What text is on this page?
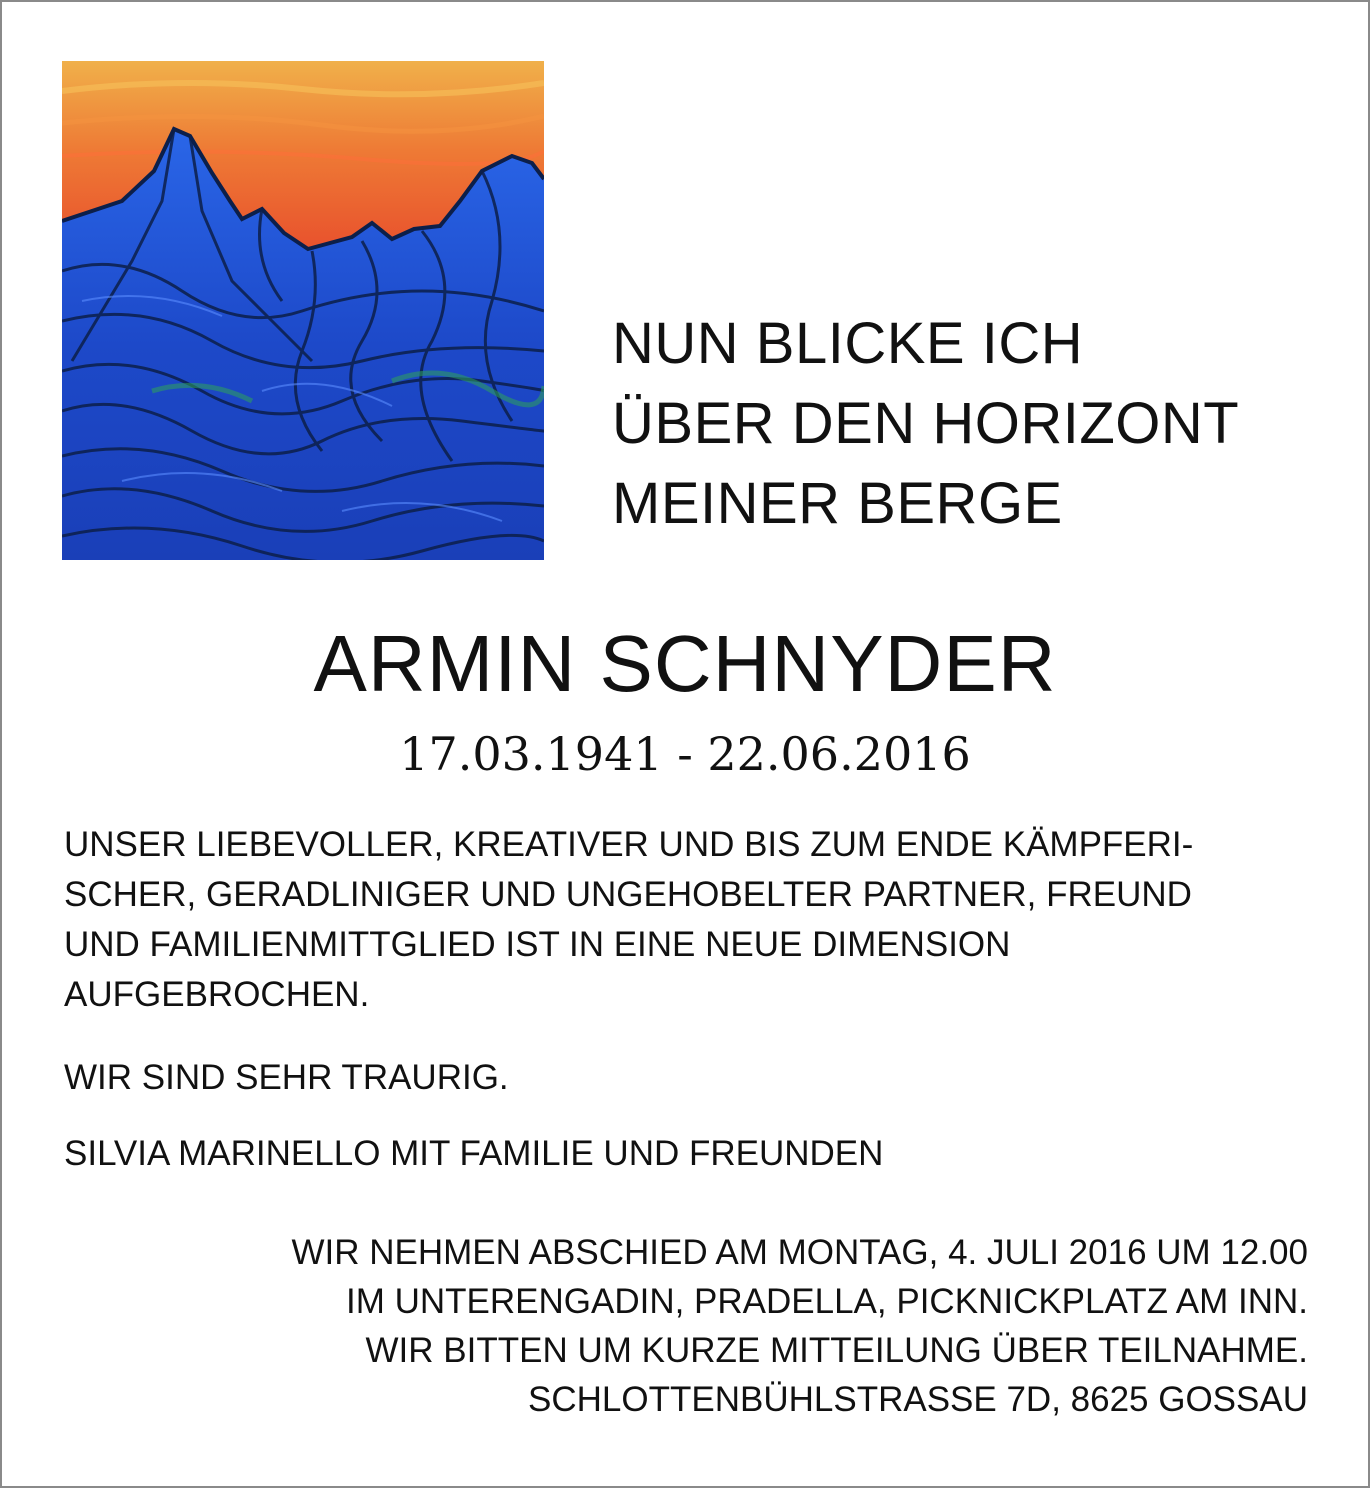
NUN BLICKE ICH
ÜBER DEN HORIZONT
MEINER BERGE
ARMIN SCHNYDER
17.03.1941 - 22.06.2016
UNSER LIEBEVOLLER, KREATIVER UND BIS ZUM ENDE KÄMPFERI-
SCHER, GERADLINIGER UND UNGEHOBELTER PARTNER, FREUND
UND FAMILIENMITTGLIED IST IN EINE NEUE DIMENSION
AUFGEBROCHEN.
WIR SIND SEHR TRAURIG.
SILVIA MARINELLO MIT FAMILIE UND FREUNDEN
WIR NEHMEN ABSCHIED AM MONTAG, 4. JULI 2016 UM 12.00
IM UNTERENGADIN, PRADELLA, PICKNICKPLATZ AM INN.
WIR BITTEN UM KURZE MITTEILUNG ÜBER TEILNAHME.
SCHLOTTENBÜHLSTRASSE 7D, 8625 GOSSAU
